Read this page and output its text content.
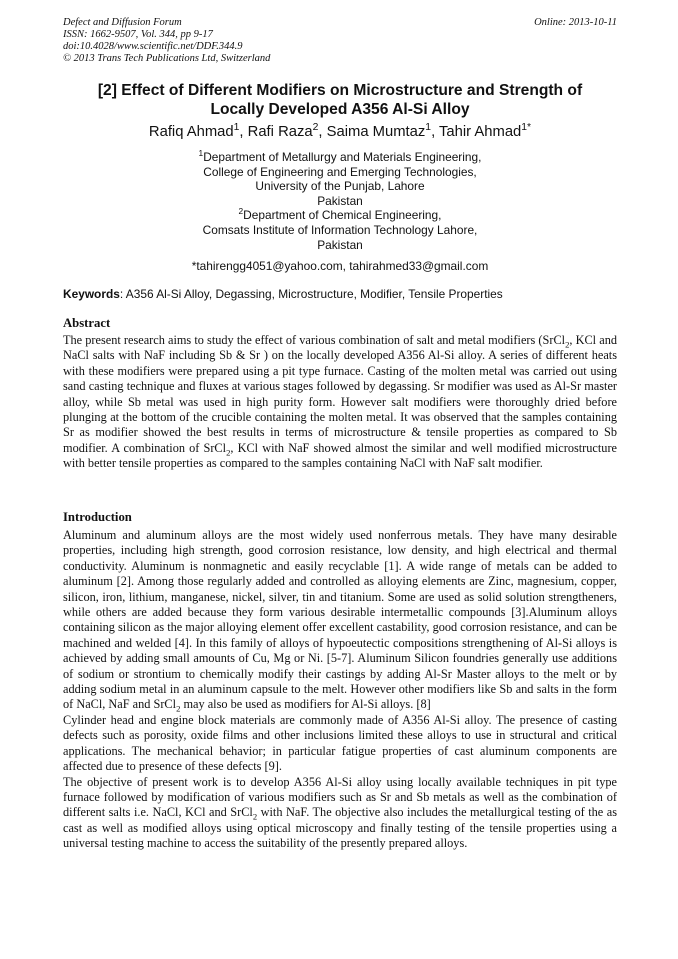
Defect and Diffusion Forum
ISSN: 1662-9507, Vol. 344, pp 9-17
doi:10.4028/www.scientific.net/DDF.344.9
© 2013 Trans Tech Publications Ltd, Switzerland
Online: 2013-10-11
[2] Effect of Different Modifiers on Microstructure and Strength of
Locally Developed A356 Al-Si Alloy
Rafiq Ahmad$^1$, Rafi Raza$^2$, Saima Mumtaz$^1$, Tahir Ahmad$^{1*}$
$^1$Department of Metallurgy and Materials Engineering,
College of Engineering and Emerging Technologies,
University of the Punjab, Lahore
Pakistan
$^2$Department of Chemical Engineering,
Comsats Institute of Information Technology Lahore,
Pakistan
*tahirengg4051@yahoo.com, tahirahmed33@gmail.com
Keywords: A356 Al-Si Alloy, Degassing, Microstructure, Modifier, Tensile Properties
Abstract

The present research aims to study the effect of various combination of salt and metal modifiers (SrCl$_2$, KCl and NaCl salts with NaF including Sb & Sr ) on the locally developed A356 Al-Si alloy. A series of different heats with these modifiers were prepared using a pit type furnace. Casting of the molten metal was carried out using sand casting technique and fluxes at various stages followed by degassing. Sr modifier was used as Al-Sr master alloy, while Sb metal was used in high purity form. However salt modifiers were thoroughly dried before plunging at the bottom of the crucible containing the molten metal. It was observed that the samples containing Sr as modifier showed the best results in terms of microstructure & tensile properties as compared to Sb modifier. A combination of SrCl$_2$, KCl with NaF showed almost the similar and well modified microstructure with better tensile properties as compared to the samples containing NaCl with NaF salt modifier.

Introduction

Aluminum and aluminum alloys are the most widely used nonferrous metals. They have many desirable properties, including high strength, good corrosion resistance, low density, and high electrical and thermal conductivity. Aluminum is nonmagnetic and easily recyclable [1]. A wide range of metals can be added to aluminum [2]. Among those regularly added and controlled as alloying elements are Zinc, magnesium, copper, silicon, iron, lithium, manganese, nickel, silver, tin and titanium. Some are used as solid solution strengtheners, while others are added because they form various desirable intermetallic compounds [3].Aluminum alloys containing silicon as the major alloying element offer excellent castability, good corrosion resistance, and can be machined and welded [4]. In this family of alloys of hypoeutectic compositions strengthening of Al-Si alloys is achieved by adding small amounts of Cu, Mg or Ni. [5-7]. Aluminum Silicon foundries generally use additions of sodium or strontium to chemically modify their castings by adding Al-Sr Master alloys to the melt or by adding sodium metal in an aluminum capsule to the melt. However other modifiers like Sb and salts in the form of NaCl, NaF and SrCl$_2$ may also be used as modifiers for Al-Si alloys. [8]

Cylinder head and engine block materials are commonly made of A356 Al-Si alloy. The presence of casting defects such as porosity, oxide films and other inclusions limited these alloys to use in structural and critical applications. The mechanical behavior; in particular fatigue properties of cast aluminum components are affected due to presence of these defects [9].

The objective of present work is to develop A356 Al-Si alloy using locally available techniques in pit type furnace followed by modification of various modifiers such as Sr and Sb metals as well as the combination of different salts i.e. NaCl, KCl and SrCl$_2$ with NaF. The objective also includes the metallurgical testing of the as cast as well as modified alloys using optical microscopy and finally testing of the tensile properties using a universal testing machine to access the suitability of the presently prepared alloys.
